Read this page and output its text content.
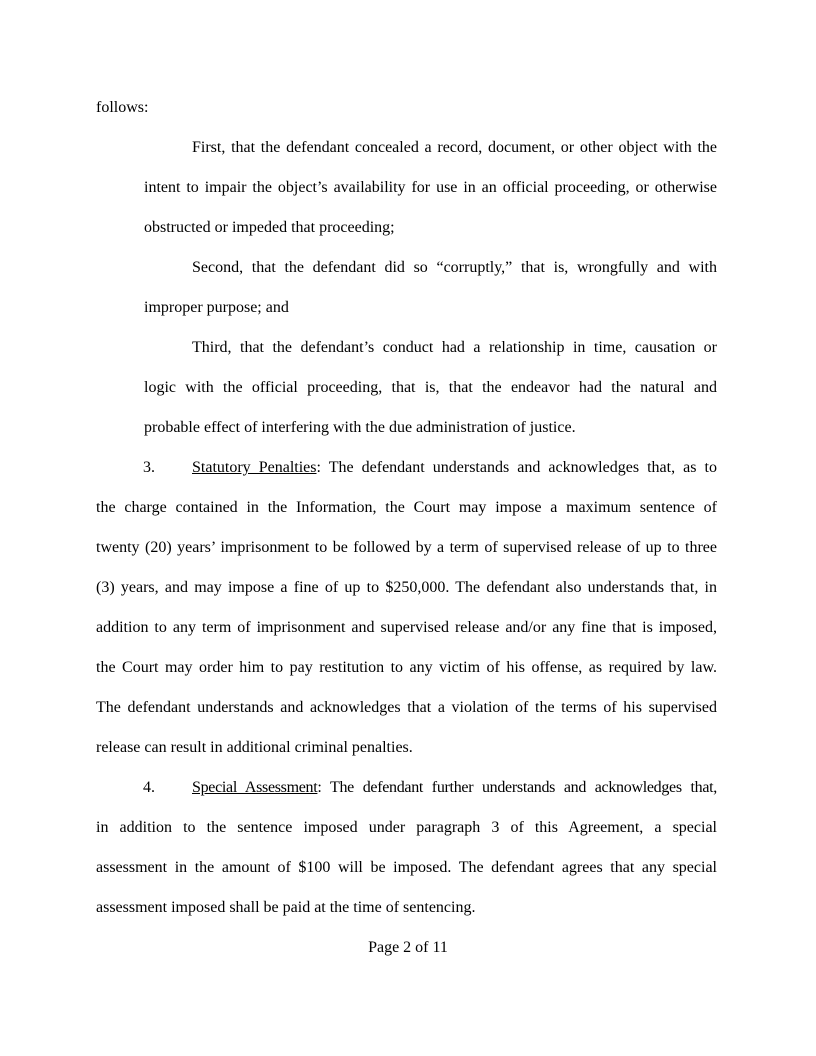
follows:

First, that the defendant concealed a record, document, or other object with the

intent to impair the object’s availability for use in an official proceeding, or otherwise

obstructed or impeded that proceeding;

Second, that the defendant did so “corruptly,” that is, wrongfully and with

improper purpose; and

Third, that the defendant’s conduct had a relationship in time, causation or

logic with the official proceeding, that is, that the endeavor had the natural and

probable effect of interfering with the due administration of justice.

3. Statutory Penalties: The defendant understands and acknowledges that, as to

the charge contained in the Information, the Court may impose a maximum sentence of

twenty (20) years’ imprisonment to be followed by a term of supervised release of up to three

(3) years, and may impose a fine of up to $250,000. The defendant also understands that, in

addition to any term of imprisonment and supervised release and/or any fine that is imposed,

the Court may order him to pay restitution to any victim of his offense, as required by law.

The defendant understands and acknowledges that a violation of the terms of his supervised

release can result in additional criminal penalties.

4. Special Assessment: The defendant further understands and acknowledges that,

in addition to the sentence imposed under paragraph 3 of this Agreement, a special

assessment in the amount of $100 will be imposed. The defendant agrees that any special

assessment imposed shall be paid at the time of sentencing.

Page 2 of 11
